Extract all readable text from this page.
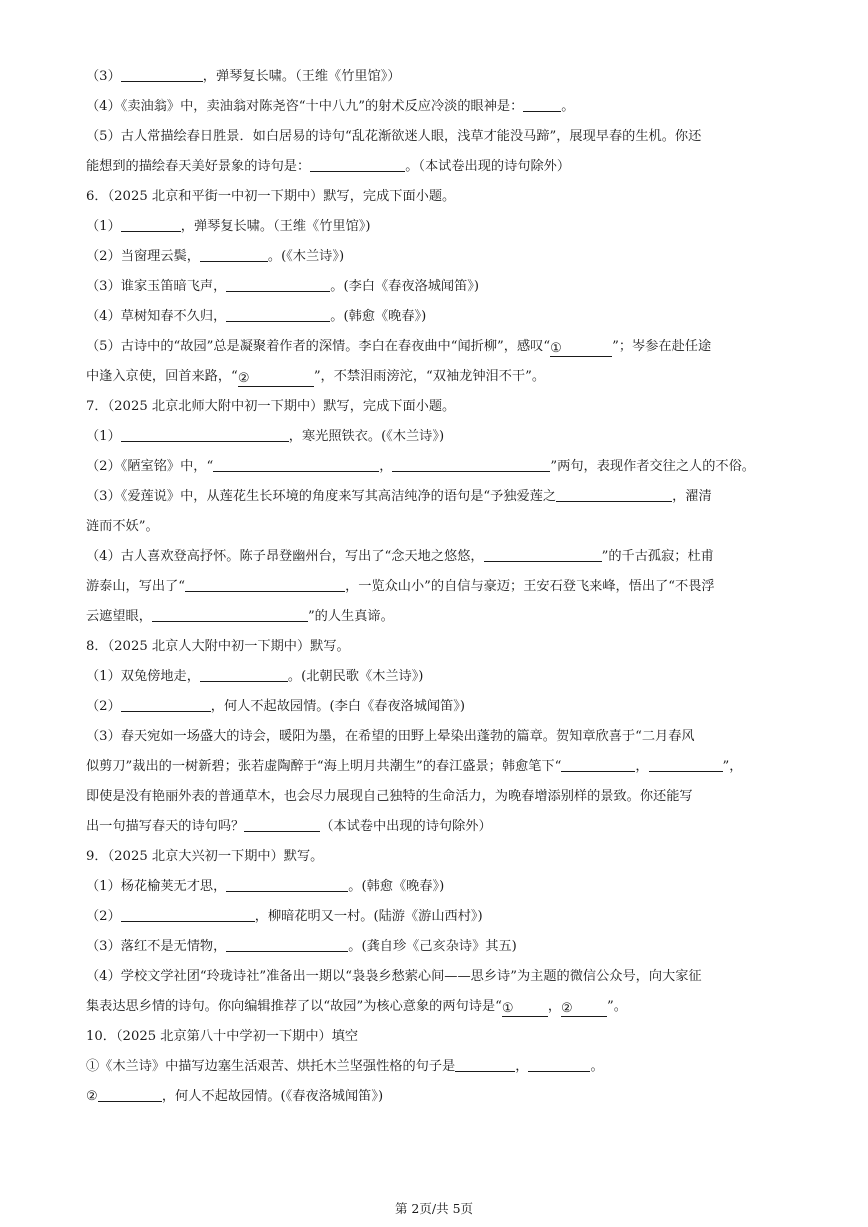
（3）	，弹琴复长啸。（王维《竹里馆》）
（4）《卖油翁》中，卖油翁对陈尧咨“十中八九”的射术反应冷淡的眼神是：	。
（5）古人常描绘春日胜景．如白居易的诗句“乱花渐欲迷人眼，浅草才能没马蹄”，展现早春的生机。你还
能想到的描绘春天美好景象的诗句是：	。（本试卷出现的诗句除外）
6．（2025 北京和平街一中初一下期中）默写，完成下面小题。
（1）	，弹琴复长啸。（王维《竹里馆》)
（2）当窗理云鬓，	。(《木兰诗》)
（3）谁家玉笛暗飞声，	。(李白《春夜洛城闻笛》)
（4）草树知春不久归，	。(韩愈《晚春》)
（5）古诗中的“故园”总是凝聚着作者的深情。李白在春夜曲中“闻折柳”，感叹“①	”；岑参在赴任途
中逢入京使，回首来路，“②	”，不禁泪雨滂沱，“双袖龙钟泪不干”。
7．（2025 北京北师大附中初一下期中）默写，完成下面小题。
（1）	，寒光照铁衣。(《木兰诗》)
（2）《陋室铭》中，“	，	”两句，表现作者交往之人的不俗。
（3）《爱莲说》中，从莲花生长环境的角度来写其高洁纯净的语句是“予独爱莲之	，濯清
涟而不妖”。
（4）古人喜欢登高抒怀。陈子昂登幽州台，写出了“念天地之悠悠，	”的千古孤寂；杜甫
游泰山，写出了“	，一览众山小”的自信与豪迈；王安石登飞来峰，悟出了“不畏浮
云遮望眼，	”的人生真谛。
8．（2025 北京人大附中初一下期中）默写。
（1）双兔傍地走，	。(北朝民歌《木兰诗》)
（2）	，何人不起故园情。(李白《春夜洛城闻笛》)
（3）春天宛如一场盛大的诗会，暖阳为墨，在希望的田野上晕染出蓬勃的篇章。贺知章欣喜于“二月春风
似剪刀”裁出的一树新碧；张若虚陶醉于“海上明月共潮生”的春江盛景；韩愈笔下“	，	”，
即使是没有艳丽外表的普通草木，也会尽力展现自己独特的生命活力，为晚春增添别样的景致。你还能写
出一句描写春天的诗句吗？	（本试卷中出现的诗句除外）
9．（2025 北京大兴初一下期中）默写。
（1）杨花榆荚无才思，	。(韩愈《晚春》)
（2）	，柳暗花明又一村。(陆游《游山西村》)
（3）落红不是无情物，	。(龚自珍《己亥杂诗》其五)
（4）学校文学社团“玲珑诗社”准备出一期以“袅袅乡愁萦心间——思乡诗”为主题的微信公众号，向大家征
集表达思乡情的诗句。你向编辑推荐了以“故园”为核心意象的两句诗是“①	，②	”。
10．（2025 北京第八十中学初一下期中）填空
①《木兰诗》中描写边塞生活艰苦、烘托木兰坚强性格的句子是	，	。
②	，何人不起故园情。(《春夜洛城闻笛》)
第 2页/共 5页
